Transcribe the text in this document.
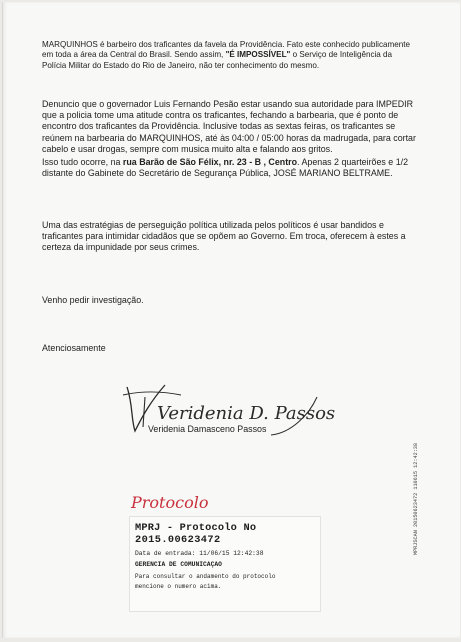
MARQUINHOS é barbeiro dos traficantes da favela da Providência. Fato este conhecido publicamente em toda a área da Central do Brasil. Sendo assim, "É IMPOSSÍVEL" o Serviço de Inteligência da Polícia Militar do Estado do Rio de Janeiro, não ter conhecimento do mesmo.

Denuncio que o governador Luis Fernando Pesão estar usando sua autoridade para IMPEDIR que a policia tome uma atitude contra os traficantes, fechando a barbearia, que é ponto de encontro dos traficantes da Providência. Inclusive todas as sextas feiras, os traficantes se reúnem na barbearia do MARQUINHOS, até às 04:00 / 05:00 horas da madrugada, para cortar cabelo e usar drogas, sempre com musica muito alta e falando aos gritos.

Isso tudo ocorre, na rua Barão de São Félix, nr. 23 - B , Centro. Apenas 2 quarteirões e 1/2 distante do Gabinete do Secretário de Segurança Pública, JOSÉ MARIANO BELTRAME.

Uma das estratégias de perseguição política utilizada pelos políticos é usar bandidos e traficantes para intimidar cidadãos que se opõem ao Governo. Em troca, oferecem à estes a certeza da impunidade por seus crimes.

Venho pedir investigação.

Atenciosamente

Veridenia D. Passos
Veridenia Damasceno Passos
MPRJSCAN 20150623472 110615 12:42:38
Protocolo
MPRJ - Protocolo No
2015.00623472
Data de entrada: 11/06/15 12:42:38
GERENCIA DE COMUNICAÇAO
Para consultar o andamento do protocolo
mencione o numero acima.
